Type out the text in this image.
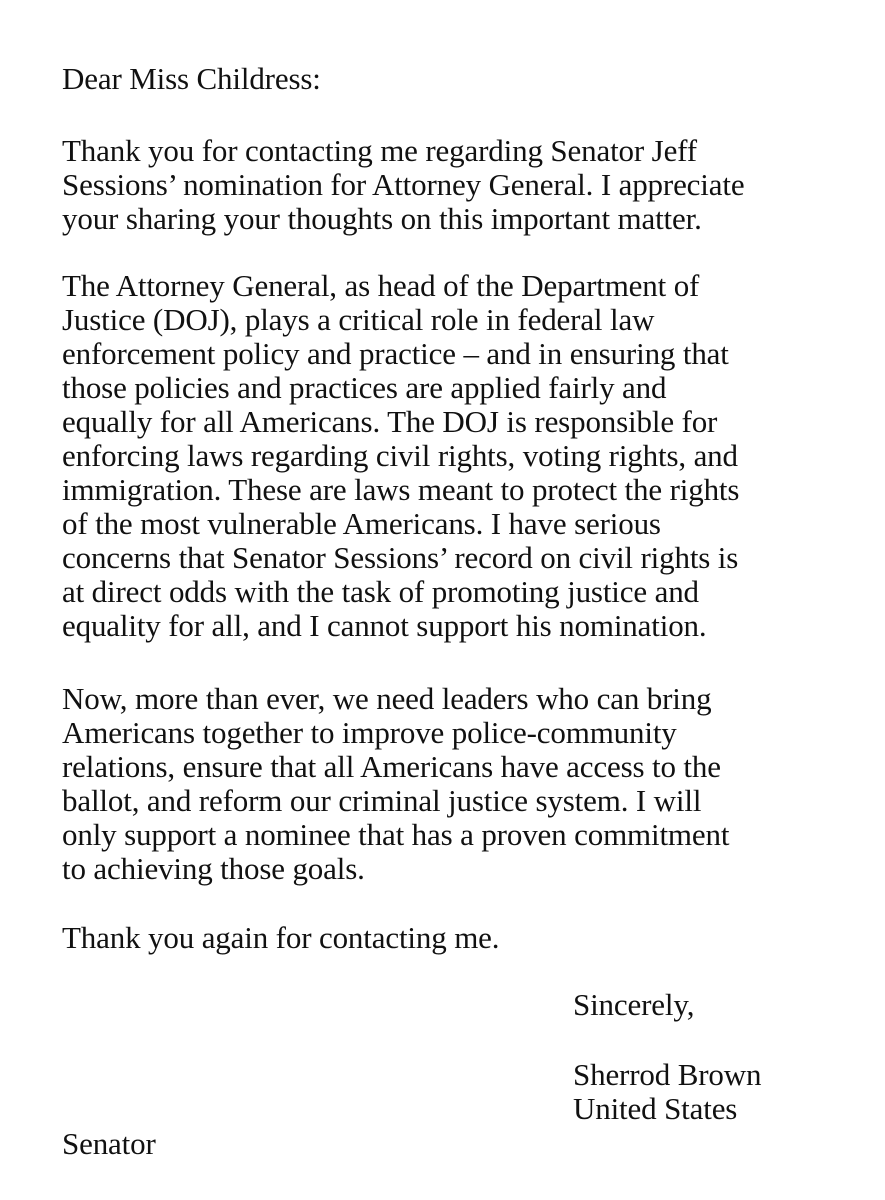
Dear Miss Childress:
Thank you for contacting me regarding Senator Jeff
Sessions’ nomination for Attorney General. I appreciate
your sharing your thoughts on this important matter.
The Attorney General, as head of the Department of
Justice (DOJ), plays a critical role in federal law
enforcement policy and practice – and in ensuring that
those policies and practices are applied fairly and
equally for all Americans. The DOJ is responsible for
enforcing laws regarding civil rights, voting rights, and
immigration. These are laws meant to protect the rights
of the most vulnerable Americans. I have serious
concerns that Senator Sessions’ record on civil rights is
at direct odds with the task of promoting justice and
equality for all, and I cannot support his nomination.
Now, more than ever, we need leaders who can bring
Americans together to improve police-community
relations, ensure that all Americans have access to the
ballot, and reform our criminal justice system. I will
only support a nominee that has a proven commitment
to achieving those goals.
Thank you again for contacting me.
Sincerely,
Sherrod Brown
United States
Senator
